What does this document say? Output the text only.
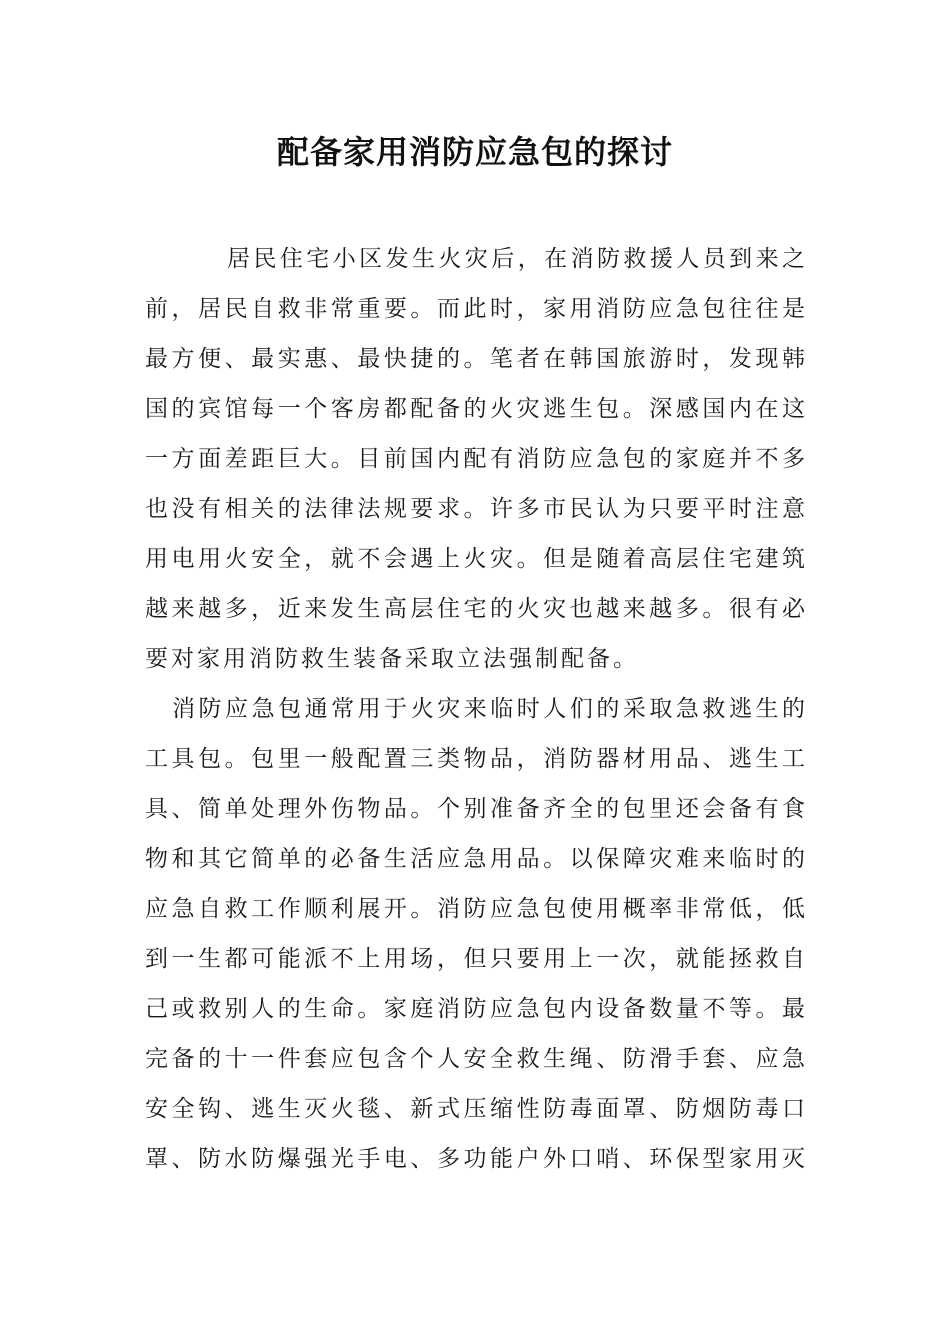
配备家用消防应急包的探讨
居民住宅小区发生火灾后，在消防救援人员到来之
前，居民自救非常重要。而此时，家用消防应急包往往是
最方便、最实惠、最快捷的。笔者在韩国旅游时，发现韩
国的宾馆每一个客房都配备的火灾逃生包。深感国内在这
一方面差距巨大。目前国内配有消防应急包的家庭并不多
也没有相关的法律法规要求。许多市民认为只要平时注意
用电用火安全，就不会遇上火灾。但是随着高层住宅建筑
越来越多，近来发生高层住宅的火灾也越来越多。很有必
要对家用消防救生装备采取立法强制配备。
消防应急包通常用于火灾来临时人们的采取急救逃生的
工具包。包里一般配置三类物品，消防器材用品、逃生工
具、简单处理外伤物品。个别准备齐全的包里还会备有食
物和其它简单的必备生活应急用品。以保障灾难来临时的
应急自救工作顺利展开。消防应急包使用概率非常低，低
到一生都可能派不上用场，但只要用上一次，就能拯救自
己或救别人的生命。家庭消防应急包内设备数量不等。最
完备的十一件套应包含个人安全救生绳、防滑手套、应急
安全钩、逃生灭火毯、新式压缩性防毒面罩、防烟防毒口
罩、防水防爆强光手电、多功能户外口哨、环保型家用灭
